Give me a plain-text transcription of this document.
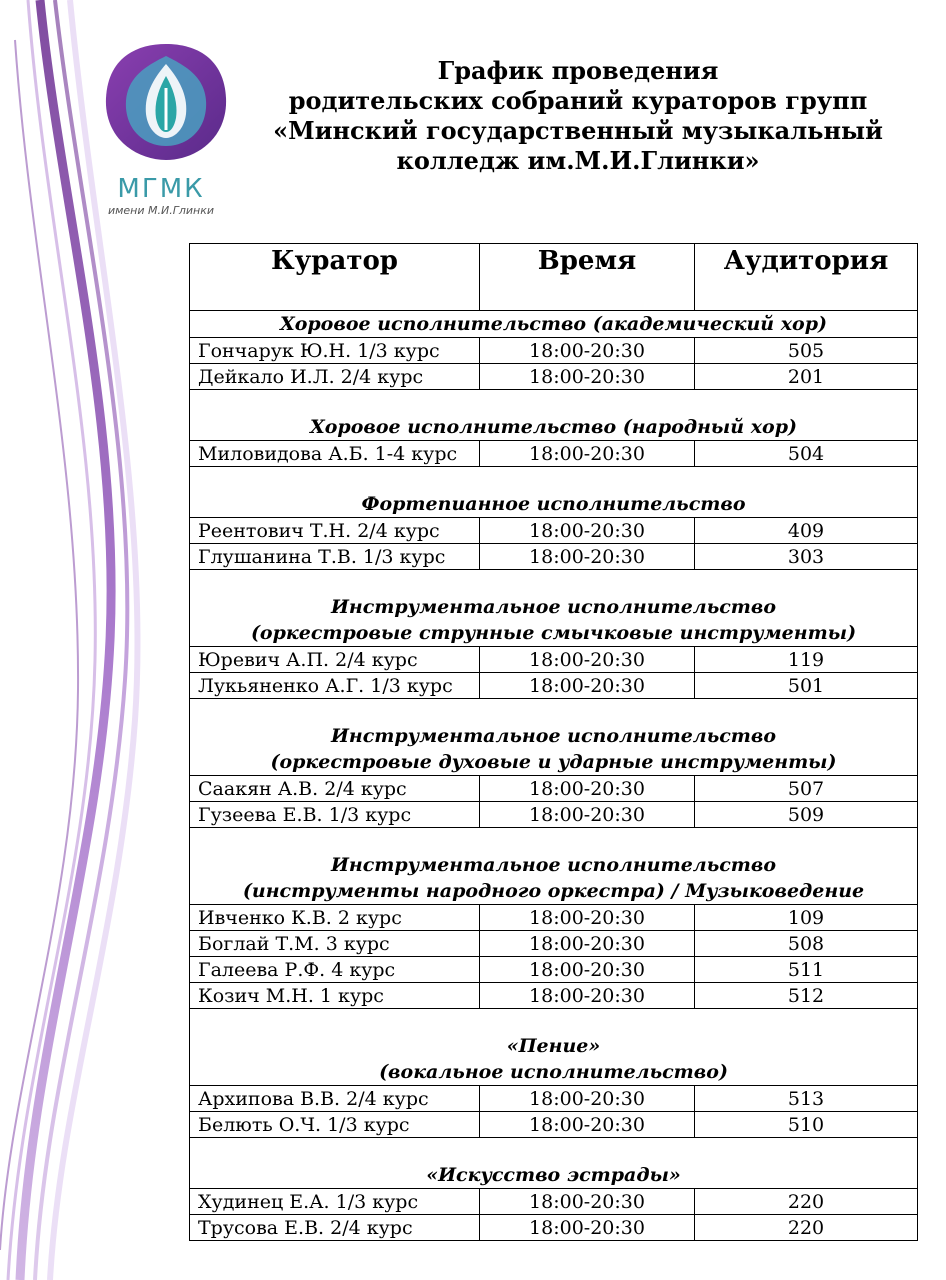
МГМК
имени М.И.Глинки
График проведения
родительских собраний кураторов групп
«Минский государственный музыкальный
колледж им.М.И.Глинки»
Куратор	Время	Аудитория

Хоровое исполнительство (академический хор)		

Гончарук Ю.Н. 1/3 курс	18:00-20:30	505
Дейкало И.Л. 2/4 курс	18:00-20:30	201

Хоровое исполнительство (народный хор)		

Миловидова А.Б. 1-4 курс	18:00-20:30	504

Фортепианное исполнительство		

Реентович Т.Н. 2/4 курс	18:00-20:30	409
Глушанина Т.В. 1/3 курс	18:00-20:30	303

Инструментальное исполнительство
(оркестровые струнные смычковые инструменты)		

Юревич А.П. 2/4 курс	18:00-20:30	119
Лукьяненко А.Г. 1/3 курс	18:00-20:30	501

Инструментальное исполнительство
(оркестровые духовые и ударные инструменты)		

Саакян А.В. 2/4 курс	18:00-20:30	507
Гузеева Е.В. 1/3 курс	18:00-20:30	509

Инструментальное исполнительство
(инструменты народного оркестра) / Музыковедение		

Ивченко К.В. 2 курс	18:00-20:30	109
Боглай Т.М. 3 курс	18:00-20:30	508
Галеева Р.Ф. 4 курс	18:00-20:30	511
Козич М.Н. 1 курс	18:00-20:30	512

«Пение»
(вокальное исполнительство)		

Архипова В.В. 2/4 курс	18:00-20:30	513
Белють О.Ч. 1/3 курс	18:00-20:30	510

«Искусство эстрады»		

Худинец Е.А. 1/3 курс	18:00-20:30	220
Трусова Е.В. 2/4 курс	18:00-20:30	220
